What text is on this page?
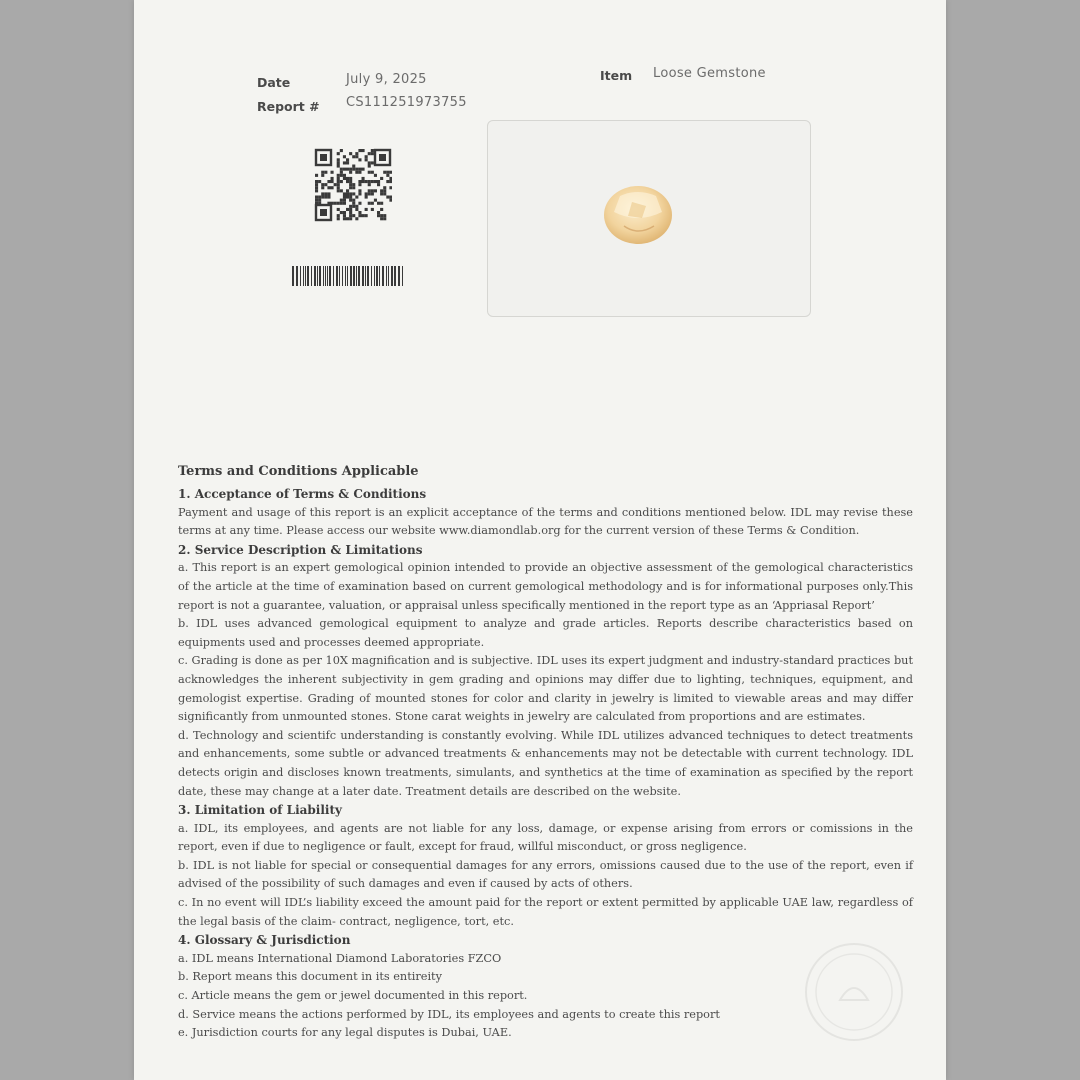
Date	July 9, 2025
Report # CS111251973755
Item Loose Gemstone
Terms and Conditions Applicable
1. Acceptance of Terms & Conditions
Payment and usage of this report is an explicit acceptance of the terms and conditions mentioned below. IDL may revise these terms at any time. Please access our website www.diamondlab.org for the current version of these Terms & Condition.
2. Service Description & Limitations
a. This report is an expert gemological opinion intended to provide an objective assessment of the gemological characteristics of the article at the time of examination based on current gemological methodology and is for informational purposes only.This report is not a guarantee, valuation, or appraisal unless specifically mentioned in the report type as an ‘Appriasal Report’
b. IDL uses advanced gemological equipment to analyze and grade articles. Reports describe characteristics based on equipments used and processes deemed appropriate.
c. Grading is done as per 10X magnification and is subjective. IDL uses its expert judgment and industry-standard practices but acknowledges the inherent subjectivity in gem grading and opinions may differ due to lighting, techniques, equipment, and gemologist expertise. Grading of mounted stones for color and clarity in jewelry is limited to viewable areas and may differ significantly from unmounted stones. Stone carat weights in jewelry are calculated from proportions and are estimates.
d. Technology and scientifc understanding is constantly evolving. While IDL utilizes advanced techniques to detect treatments and enhancements, some subtle or advanced treatments & enhancements may not be detectable with current technology. IDL detects origin and discloses known treatments, simulants, and synthetics at the time of examination as specified by the report date, these may change at a later date. Treatment details are described on the website.
3. Limitation of Liability
a. IDL, its employees, and agents are not liable for any loss, damage, or expense arising from errors or comissions in the report, even if due to negligence or fault, except for fraud, willful misconduct, or gross negligence.
b. IDL is not liable for special or consequential damages for any errors, omissions caused due to the use of the report, even if advised of the possibility of such damages and even if caused by acts of others.
c. In no event will IDL’s liability exceed the amount paid for the report or extent permitted by applicable UAE law, regardless of the legal basis of the claim- contract, negligence, tort, etc.
4. Glossary & Jurisdiction
a. IDL means International Diamond Laboratories FZCO
b. Report means this document in its entireity
c. Article means the gem or jewel documented in this report.
d. Service means the actions performed by IDL, its employees and agents to create this report
e. Jurisdiction courts for any legal disputes is Dubai, UAE.
